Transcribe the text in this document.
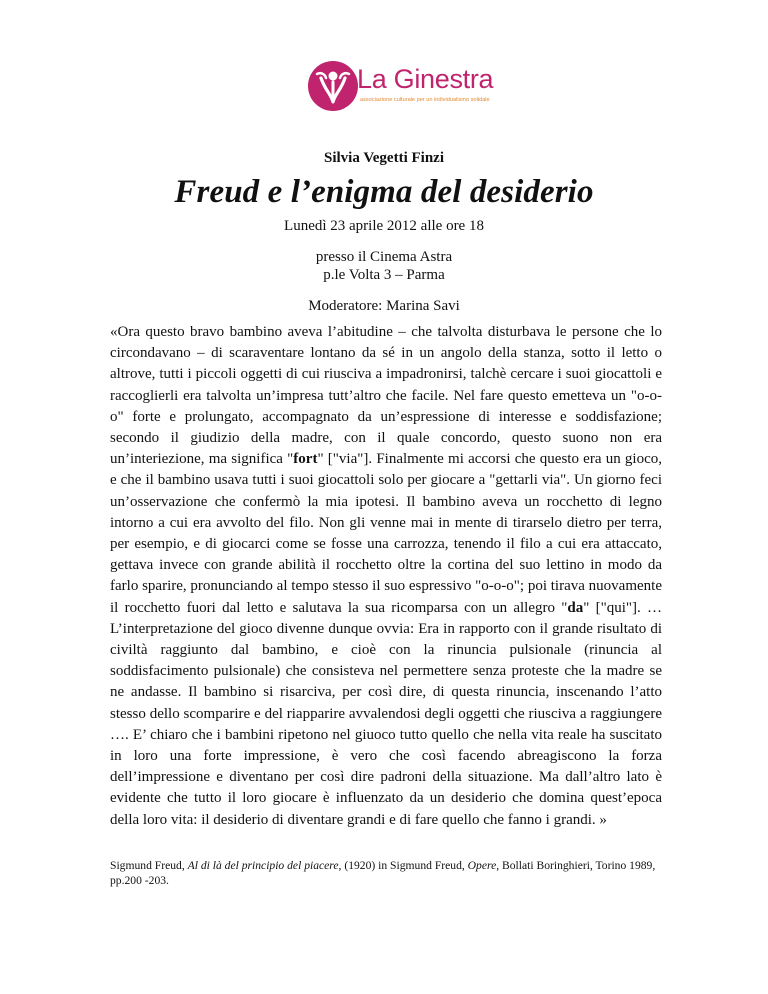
La Ginestra
associazione culturale per un individualismo solidale
Silvia Vegetti Finzi
Freud e l’enigma del desiderio
Lunedì 23 aprile 2012 alle ore 18
presso il Cinema Astra
p.le Volta 3 – Parma
Moderatore: Marina Savi
«Ora questo bravo bambino aveva l’abitudine – che talvolta disturbava le persone che lo circondavano – di scaraventare lontano da sé in un angolo della stanza, sotto il letto o altrove, tutti i piccoli oggetti di cui riusciva a impadronirsi, talchè cercare i suoi giocattoli e raccoglierli era talvolta un’impresa tutt’altro che facile. Nel fare questo emetteva un "o-o-o" forte e prolungato, accompagnato da un’espressione di interesse e soddisfazione; secondo il giudizio della madre, con il quale concordo, questo suono non era un’interiezione, ma significa "fort" ["via"]. Finalmente mi accorsi che questo era un gioco, e che il bambino usava tutti i suoi giocattoli solo per giocare a "gettarli via". Un giorno feci un’osservazione che confermò la mia ipotesi. Il bambino aveva un rocchetto di legno intorno a cui era avvolto del filo. Non gli venne mai in mente di tirarselo dietro per terra, per esempio, e di giocarci come se fosse una carrozza, tenendo il filo a cui era attaccato, gettava invece con grande abilità il rocchetto oltre la cortina del suo lettino in modo da farlo sparire, pronunciando al tempo stesso il suo espressivo "o-o-o"; poi tirava nuovamente il rocchetto fuori dal letto e salutava la sua ricomparsa con un allegro "da" ["qui"]. … L’interpretazione del gioco divenne dunque ovvia: Era in rapporto con il grande risultato di civiltà raggiunto dal bambino, e cioè con la rinuncia pulsionale (rinuncia al soddisfacimento pulsionale) che consisteva nel permettere senza proteste che la madre se ne andasse. Il bambino si risarciva, per così dire, di questa rinuncia, inscenando l’atto stesso dello scomparire e del riapparire avvalendosi degli oggetti che riusciva a raggiungere …. E’ chiaro che i bambini ripetono nel giuoco tutto quello che nella vita reale ha suscitato in loro una forte impressione, è vero che così facendo abreagiscono la forza dell’impressione e diventano per così dire padroni della situazione. Ma dall’altro lato è evidente che tutto il loro giocare è influenzato da un desiderio che domina quest’epoca della loro vita: il desiderio di diventare grandi e di fare quello che fanno i grandi. »
Sigmund Freud, Al di là del principio del piacere, (1920) in Sigmund Freud, Opere, Bollati Boringhieri, Torino 1989, pp.200 -203.
